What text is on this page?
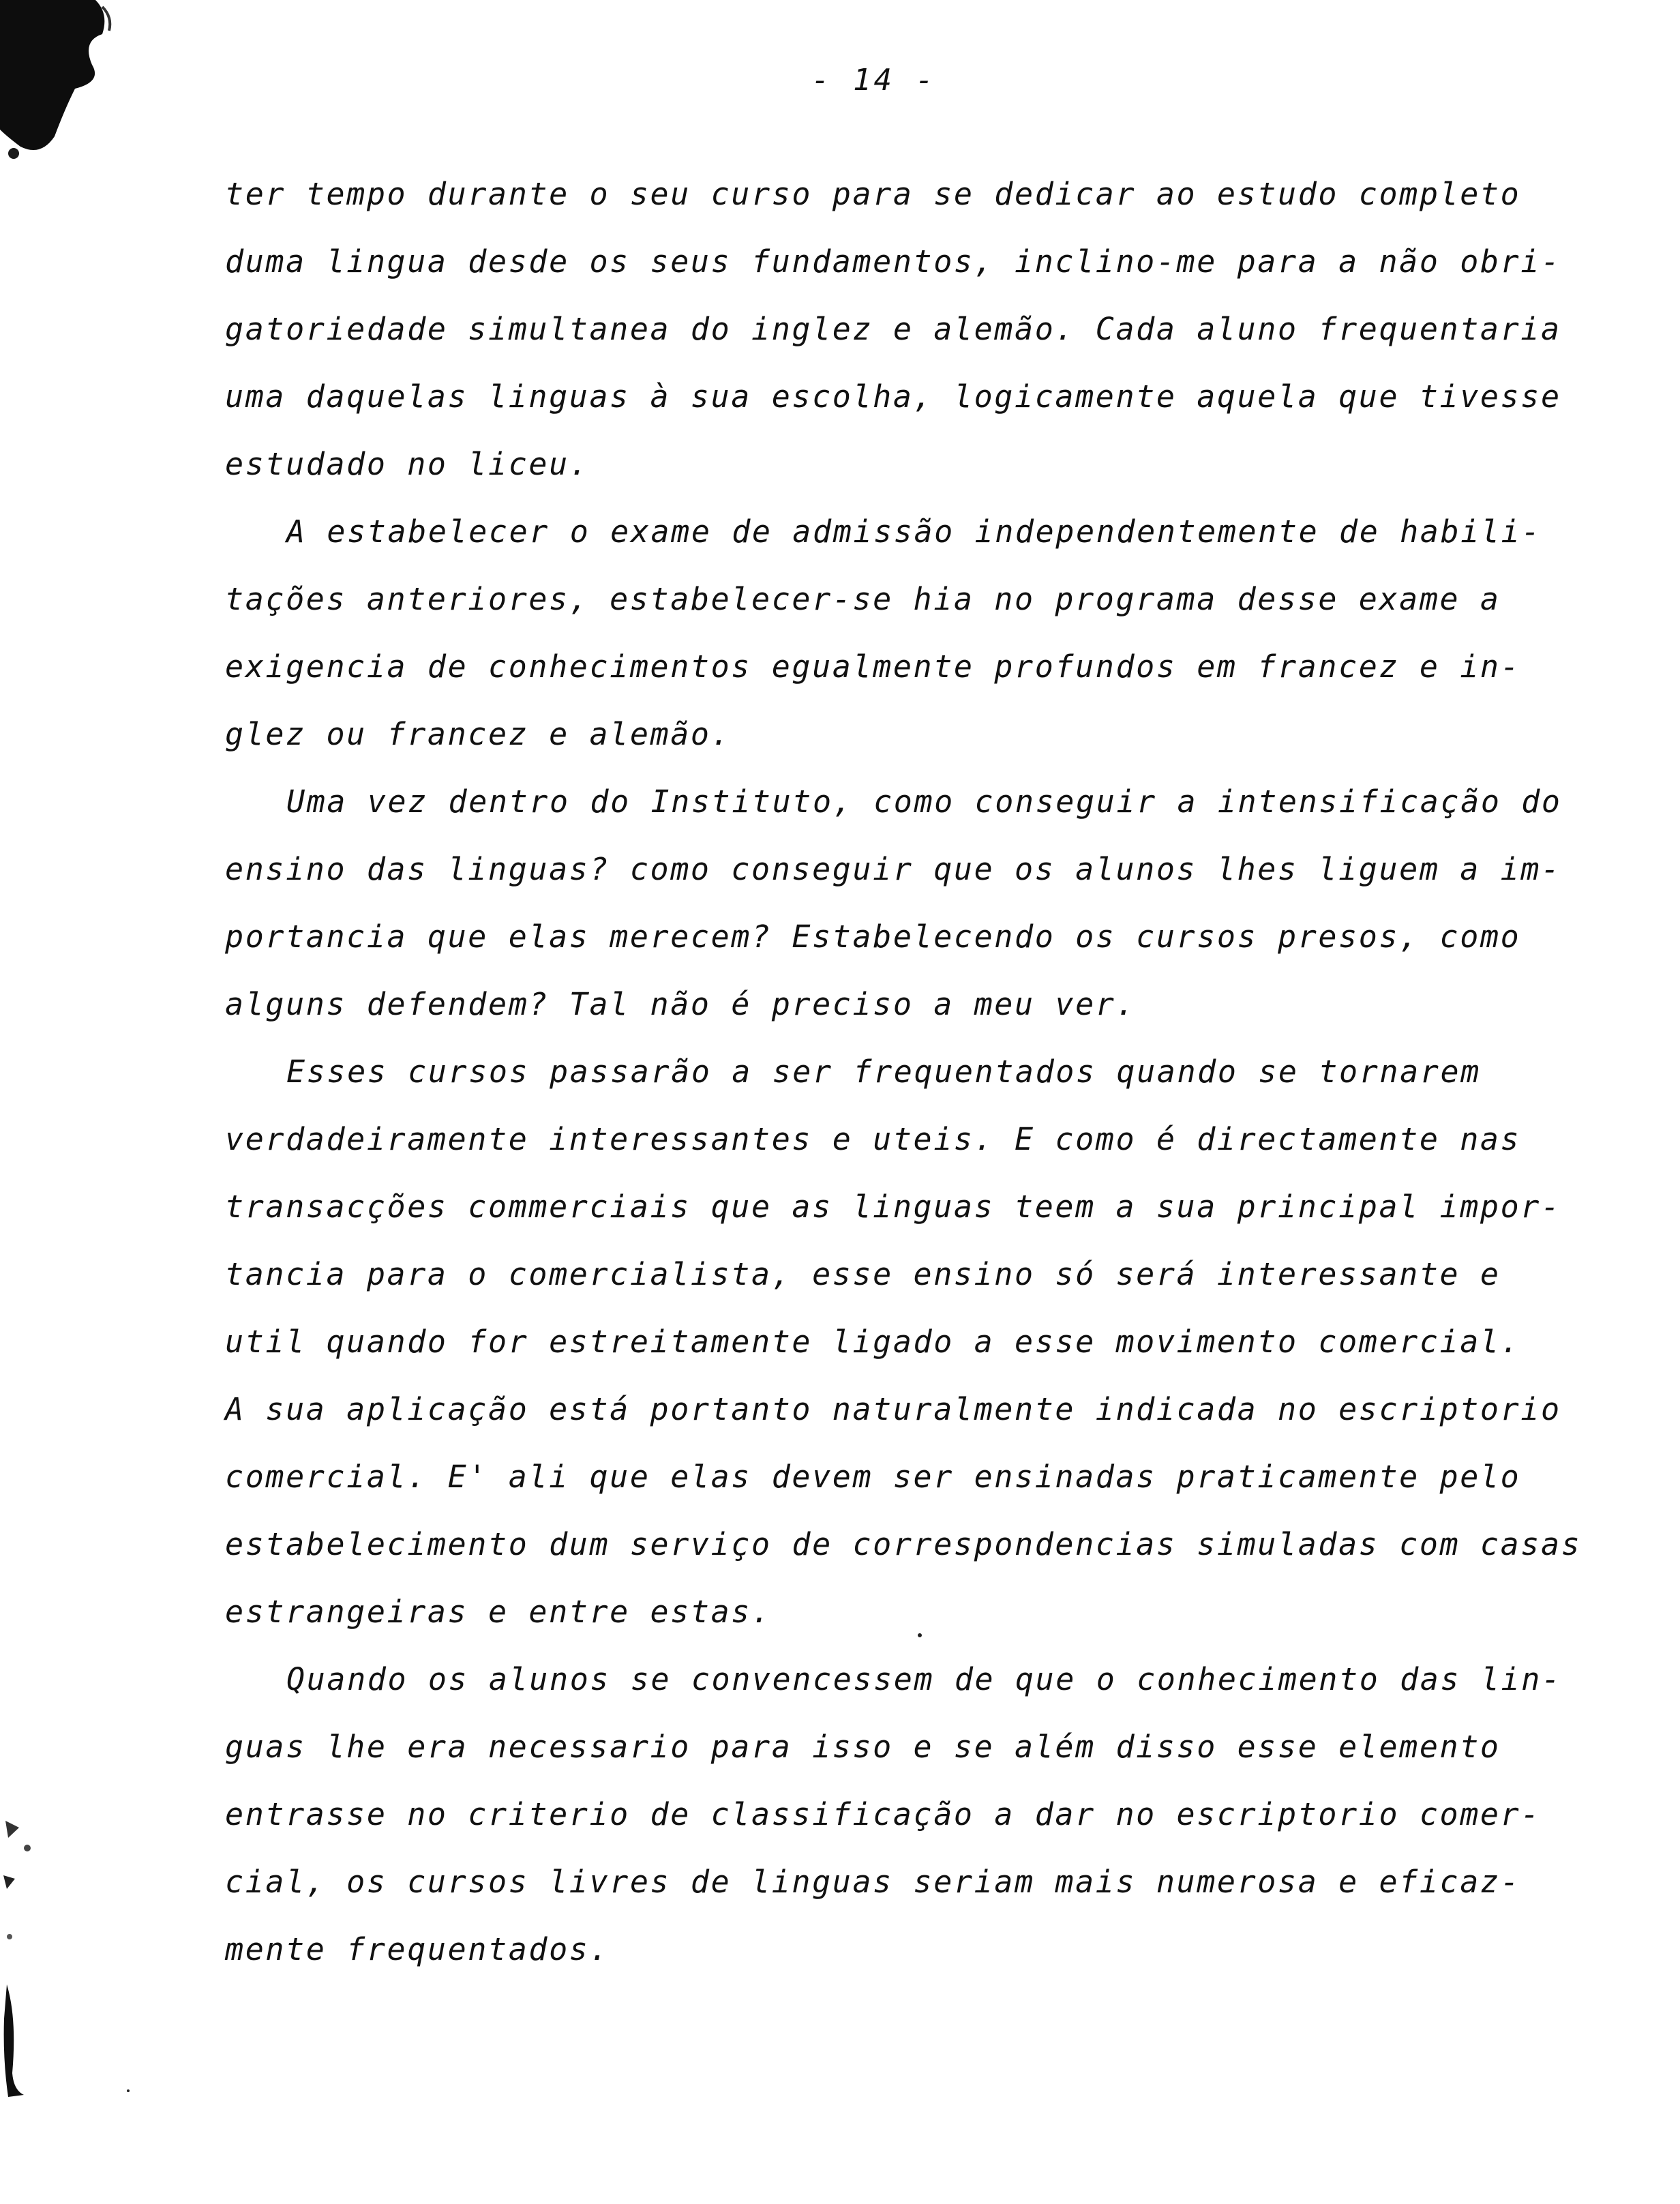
- 14 -

ter tempo durante o seu curso para se dedicar ao estudo completo
duma lingua desde os seus fundamentos, inclino-me para a não obri-
gatoriedade simultanea do inglez e alemão. Cada aluno frequentaria
uma daquelas linguas à sua escolha, logicamente aquela que tivesse
estudado no liceu.

A estabelecer o exame de admissão independentemente de habili-
tações anteriores, estabelecer-se hia no programa desse exame a
exigencia de conhecimentos egualmente profundos em francez e in-
glez ou francez e alemão.

Uma vez dentro do Instituto, como conseguir a intensificação do
ensino das linguas? como conseguir que os alunos lhes liguem a im-
portancia que elas merecem? Estabelecendo os cursos presos, como
alguns defendem? Tal não é preciso a meu ver.

Esses cursos passarão a ser frequentados quando se tornarem
verdadeiramente interessantes e uteis. E como é directamente nas
transacções commerciais que as linguas teem a sua principal impor-
tancia para o comercialista, esse ensino só será interessante e
util quando for estreitamente ligado a esse movimento comercial.
A sua aplicação está portanto naturalmente indicada no escriptorio
comercial. E' ali que elas devem ser ensinadas praticamente pelo
estabelecimento dum serviço de correspondencias simuladas com casas
estrangeiras e entre estas.

Quando os alunos se convencessem de que o conhecimento das lin-
guas lhe era necessario para isso e se além disso esse elemento
entrasse no criterio de classificação a dar no escriptorio comer-
cial, os cursos livres de linguas seriam mais numerosa e eficaz-
mente frequentados.
